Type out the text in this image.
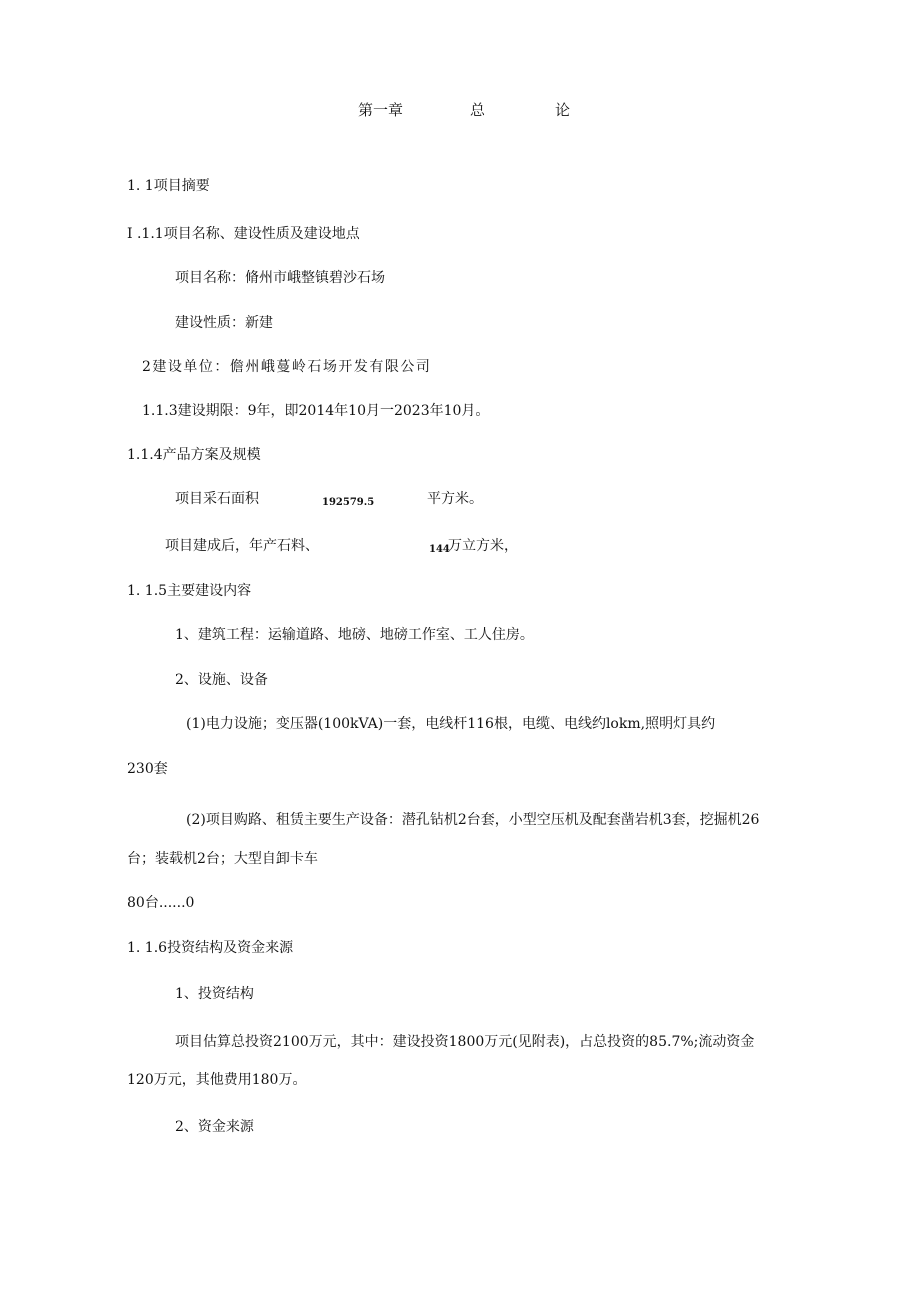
第一章	总	论
1. 1项目摘要
I .1.1项目名称、建设性质及建设地点
项目名称：脩州市峨整镇碧沙石场
建设性质：新建
2建设单位：儋州峨蔓岭石场开发有限公司
1.1.3建设期限：9年，即2014年10月一2023年10月。
1.1.4产品方案及规模
项目采石面积	192579.5	平方米。
项目建成后，年产石料、	144
万立方米，
1. 1.5主要建设内容
1、建筑工程：运输道路、地磅、地磅工作室、工人住房。
2、设施、设备
(1)电力设施；变压器(100kVA)一套，电线杆116根，电缆、电线约lokm,照明灯具约
230套
(2)项目购路、租赁主要生产设备：潜孔钻机2台套，小型空压机及配套凿岩机3套，挖掘机26
台；装载机2台；大型自卸卡车
80台......0
1. 1.6投资结构及资金来源
1、投资结构
项目估算总投资2100万元，其中：建设投资1800万元(见附表)，占总投资的85.7%;流动资金
120万元，其他费用180万。
2、资金来源
